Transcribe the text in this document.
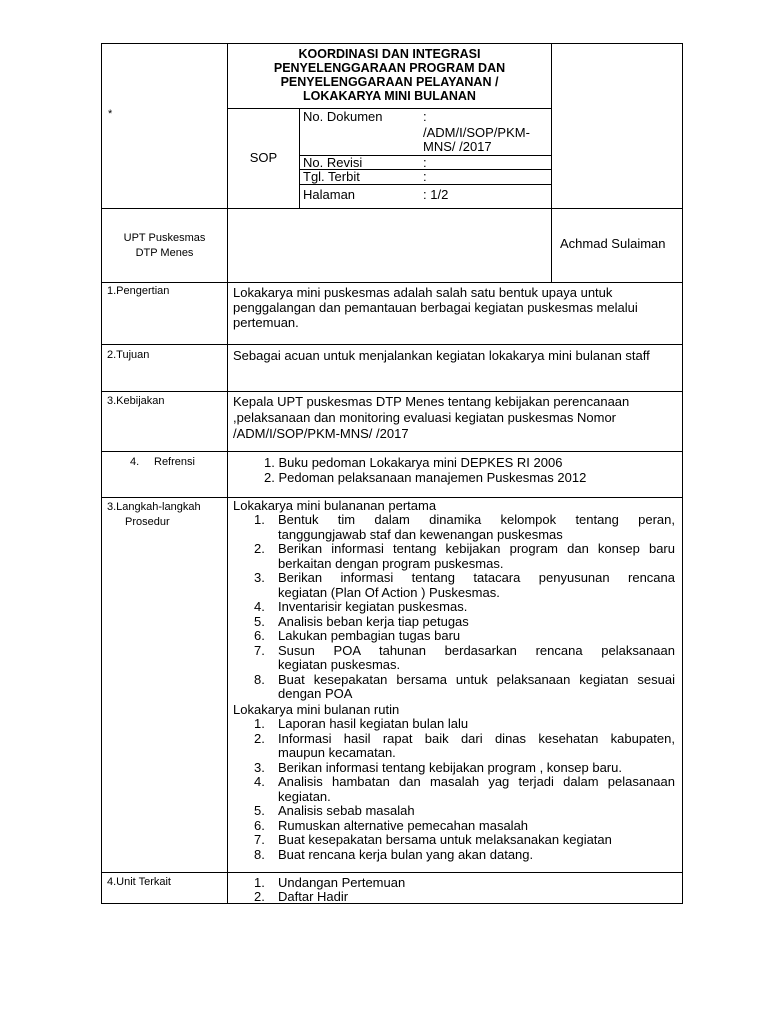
*
KOORDINASI DAN INTEGRASI
PENYELENGGARAAN PROGRAM DAN
PENYELENGGARAAN PELAYANAN /
LOKAKARYA MINI BULANAN
SOP
No. Dokumen	:
/ADM/I/SOP/PKM-
MNS/ /2017
No. Revisi	:
Tgl. Terbit	:
Halaman	: 1/2
UPT Puskesmas
DTP Menes
Achmad Sulaiman
1.Pengertian	Lokakarya mini puskesmas adalah salah satu bentuk upaya untuk penggalangan dan pemantauan berbagai kegiatan puskesmas melalui pertemuan.
2.Tujuan	Sebagai acuan untuk menjalankan kegiatan lokakarya mini bulanan staff
3.Kebijakan	Kepala UPT puskesmas DTP Menes tentang kebijakan perencanaan ,pelaksanaan dan monitoring evaluasi kegiatan puskesmas Nomor /ADM/I/SOP/PKM-MNS/ /2017
4. Refrensi	1. Buku pedoman Lokakarya mini DEPKES RI 2006
2. Pedoman pelaksanaan manajemen Puskesmas 2012
3.Langkah-langkah
Prosedur
Lokakarya mini bulananan pertama
1.	Bentuk tim dalam dinamika kelompok tentang peran,
tanggungjawab staf dan kewenangan puskesmas
2.	Berikan informasi tentang kebijakan program dan konsep baru
berkaitan dengan program puskesmas.
3.	Berikan informasi tentang tatacara penyusunan rencana
kegiatan (Plan Of Action ) Puskesmas.
4.	Inventarisir kegiatan puskesmas.
5.	Analisis beban kerja tiap petugas
6.	Lakukan pembagian tugas baru
7.	Susun POA tahunan berdasarkan rencana pelaksanaan
kegiatan puskesmas.
8.	Buat kesepakatan bersama untuk pelaksanaan kegiatan sesuai
dengan POA
Lokakarya mini bulanan rutin
1.	Laporan hasil kegiatan bulan lalu
2.	Informasi hasil rapat baik dari dinas kesehatan kabupaten,
maupun kecamatan.
3.	Berikan informasi tentang kebijakan program , konsep baru.
4.	Analisis hambatan dan masalah yag terjadi dalam pelasanaan
kegiatan.
5.	Analisis sebab masalah
6.	Rumuskan alternative pemecahan masalah
7.	Buat kesepakatan bersama untuk melaksanakan kegiatan
8.	Buat rencana kerja bulan yang akan datang.
4.Unit Terkait	1.	Undangan Pertemuan
2.	Daftar Hadir
